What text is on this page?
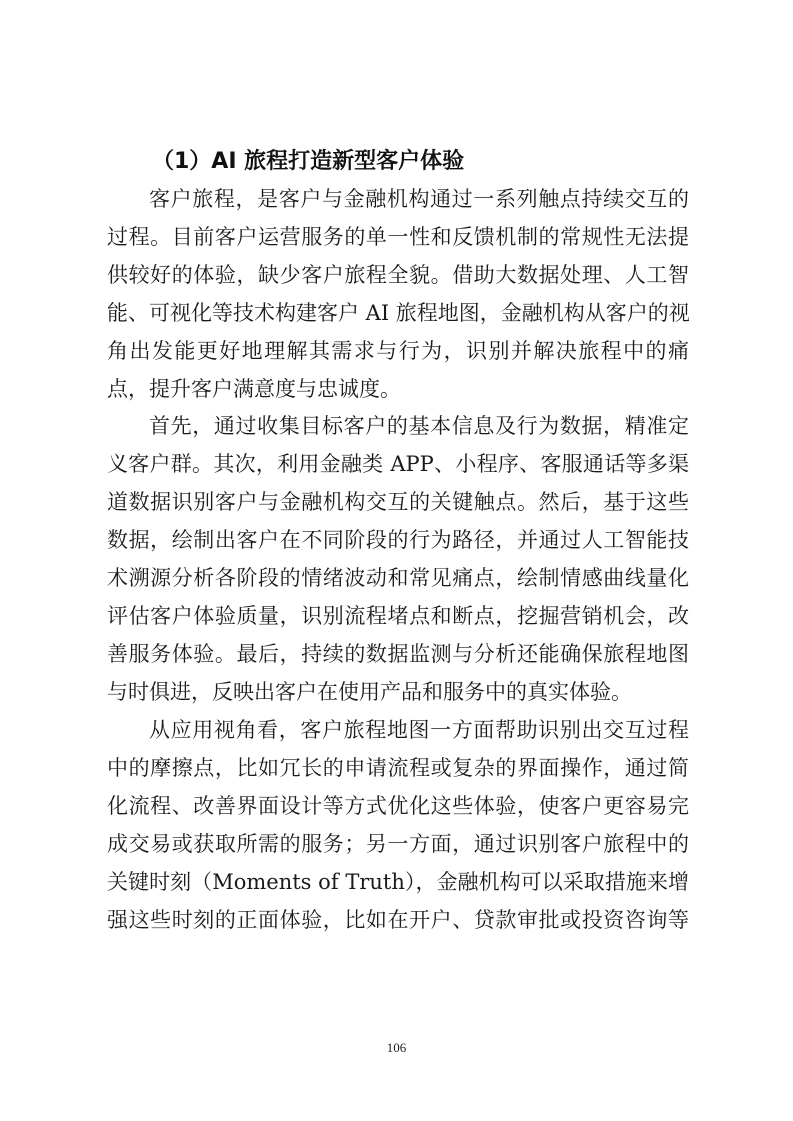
（1）AI 旅程打造新型客户体验
客户旅程，是客户与金融机构通过一系列触点持续交互的
过程。目前客户运营服务的单一性和反馈机制的常规性无法提
供较好的体验，缺少客户旅程全貌。借助大数据处理、人工智
能、可视化等技术构建客户 AI 旅程地图，金融机构从客户的视
角出发能更好地理解其需求与行为，识别并解决旅程中的痛
点，提升客户满意度与忠诚度。
首先，通过收集目标客户的基本信息及行为数据，精准定
义客户群。其次，利用金融类 APP、小程序、客服通话等多渠
道数据识别客户与金融机构交互的关键触点。然后，基于这些
数据，绘制出客户在不同阶段的行为路径，并通过人工智能技
术溯源分析各阶段的情绪波动和常见痛点，绘制情感曲线量化
评估客户体验质量，识别流程堵点和断点，挖掘营销机会，改
善服务体验。最后，持续的数据监测与分析还能确保旅程地图
与时俱进，反映出客户在使用产品和服务中的真实体验。
从应用视角看，客户旅程地图一方面帮助识别出交互过程
中的摩擦点，比如冗长的申请流程或复杂的界面操作，通过简
化流程、改善界面设计等方式优化这些体验，使客户更容易完
成交易或获取所需的服务；另一方面，通过识别客户旅程中的
关键时刻（Moments of Truth），金融机构可以采取措施来增
强这些时刻的正面体验，比如在开户、贷款审批或投资咨询等
106
